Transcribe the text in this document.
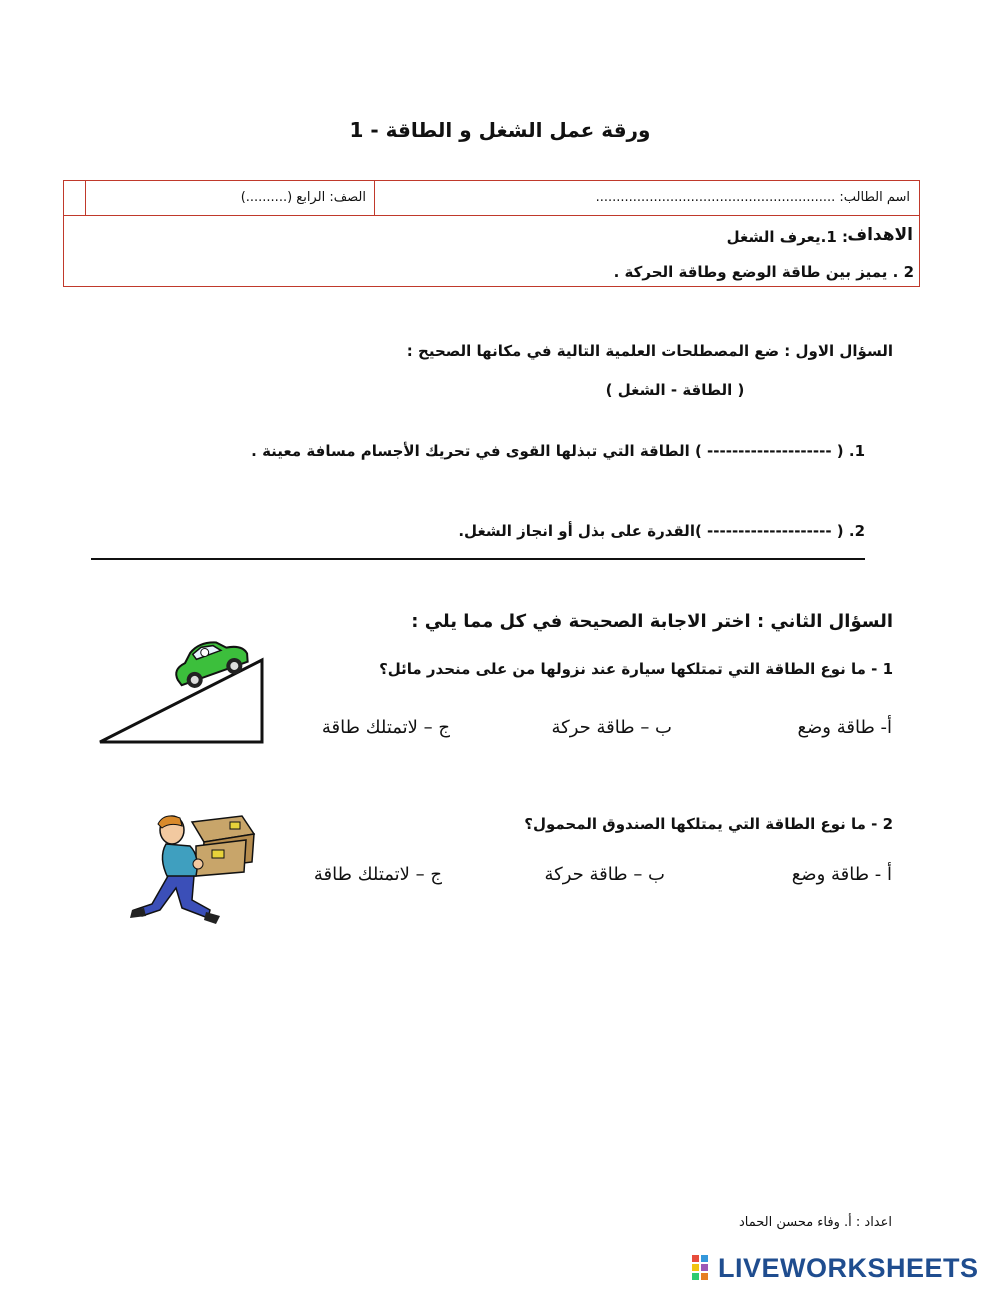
ورقة عمل الشغل و الطاقة - 1
اسم الطالب: ..........................................................
الصف: الرابع (..........)
الاهداف
: 1.يعرف الشغل
2 . يميز بين طاقة الوضع وطاقة الحركة .
السؤال الاول : ضع المصطلحات العلمية التالية في مكانها الصحيح :
( الطاقة - الشغل )
1. ( -------------------- ) الطاقة التي تبذلها القوى في تحريك الأجسام مسافة معينة .
2. ( -------------------- )القدرة على بذل أو انجاز الشغل.
السؤال الثاني : اختر الاجابة الصحيحة في كل مما يلي :
1 - ما نوع الطاقة التي تمتلكها سيارة عند نزولها من على منحدر مائل؟
أ- طاقة وضع
ب – طاقة حركة
ج – لاتمتلك طاقة
2 - ما نوع الطاقة التي يمتلكها الصندوق المحمول؟
أ - طاقة وضع
ب – طاقة حركة
ج – لاتمتلك طاقة
اعداد : أ. وفاء محسن الحماد
LIVEWORKSHEETS
